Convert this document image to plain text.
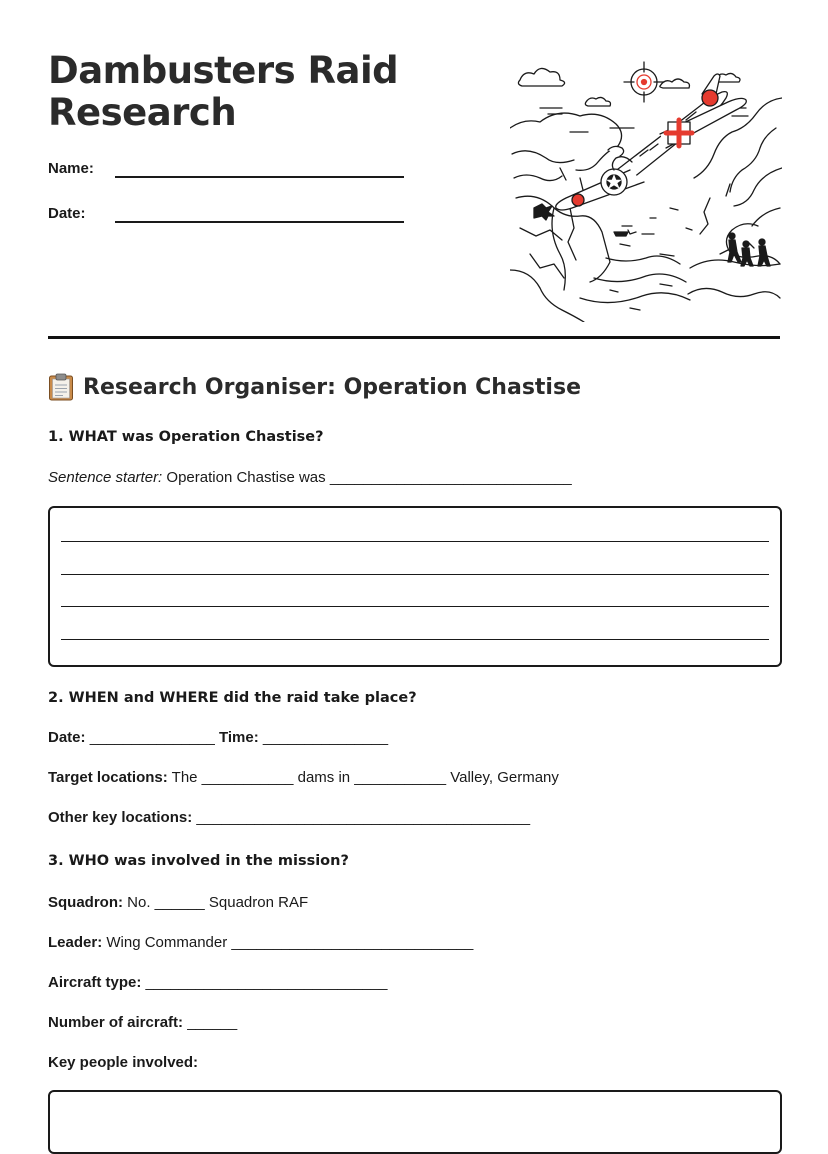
Dambusters Raid
Research
Name:
Date:
Research Organiser: Operation Chastise
1. WHAT was Operation Chastise?
Sentence starter: Operation Chastise was _____________________________
2. WHEN and WHERE did the raid take place?
Date: _______________ Time: _______________
Target locations: The ___________ dams in ___________ Valley, Germany
Other key locations: ________________________________________
3. WHO was involved in the mission?
Squadron: No. ______ Squadron RAF
Leader: Wing Commander _____________________________
Aircraft type: _____________________________
Number of aircraft: ______
Key people involved:
